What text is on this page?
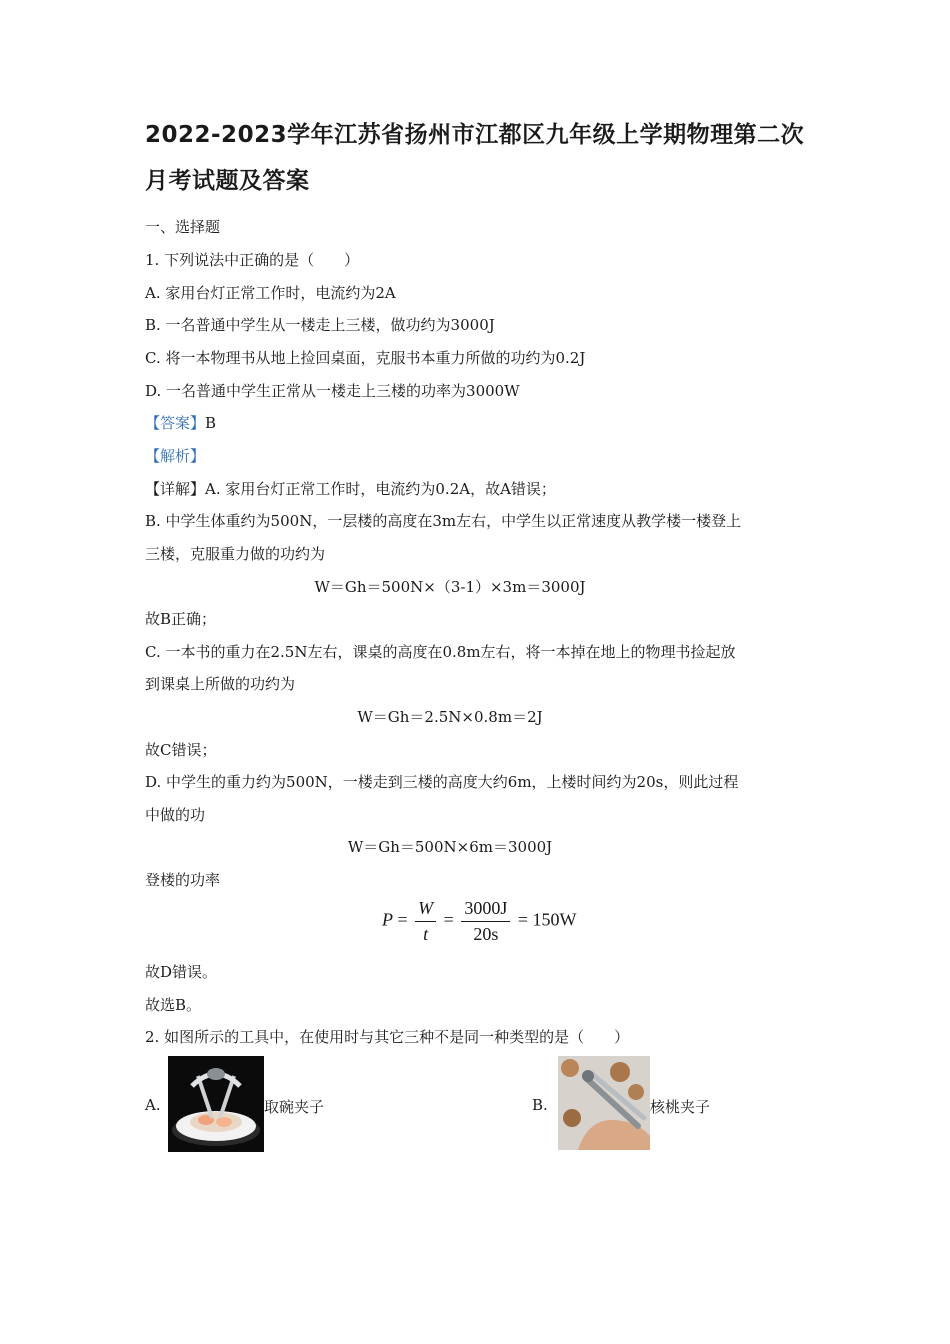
2022-2023学年江苏省扬州市江都区九年级上学期物理第二次月考试题及答案
一、选择题
1. 下列说法中正确的是（　　）
A. 家用台灯正常工作时，电流约为2A
B. 一名普通中学生从一楼走上三楼，做功约为3000J
C. 将一本物理书从地上捡回桌面，克服书本重力所做的功约为0.2J
D. 一名普通中学生正常从一楼走上三楼的功率为3000W
【答案】B
【解析】
【详解】A. 家用台灯正常工作时，电流约为0.2A，故A错误；
B. 中学生体重约为500N，一层楼的高度在3m左右，中学生以正常速度从教学楼一楼登上
三楼，克服重力做的功约为
W＝Gh＝500N×（3-1）×3m＝3000J
故B正确；
C. 一本书的重力在2.5N左右，课桌的高度在0.8m左右，将一本掉在地上的物理书捡起放
到课桌上所做的功约为
W＝Gh＝2.5N×0.8m＝2J
故C错误；
D. 中学生的重力约为500N，一楼走到三楼的高度大约6m，上楼时间约为20s，则此过程
中做的功
W＝Gh＝500N×6m＝3000J
登楼的功率
$P = \frac{W}{t} = \frac{3000J}{20s} = 150W$
故D错误。
故选B。
2. 如图所示的工具中，在使用时与其它三种不是同一种类型的是（　　）
A.	取碗夹子	B.	核桃夹子
